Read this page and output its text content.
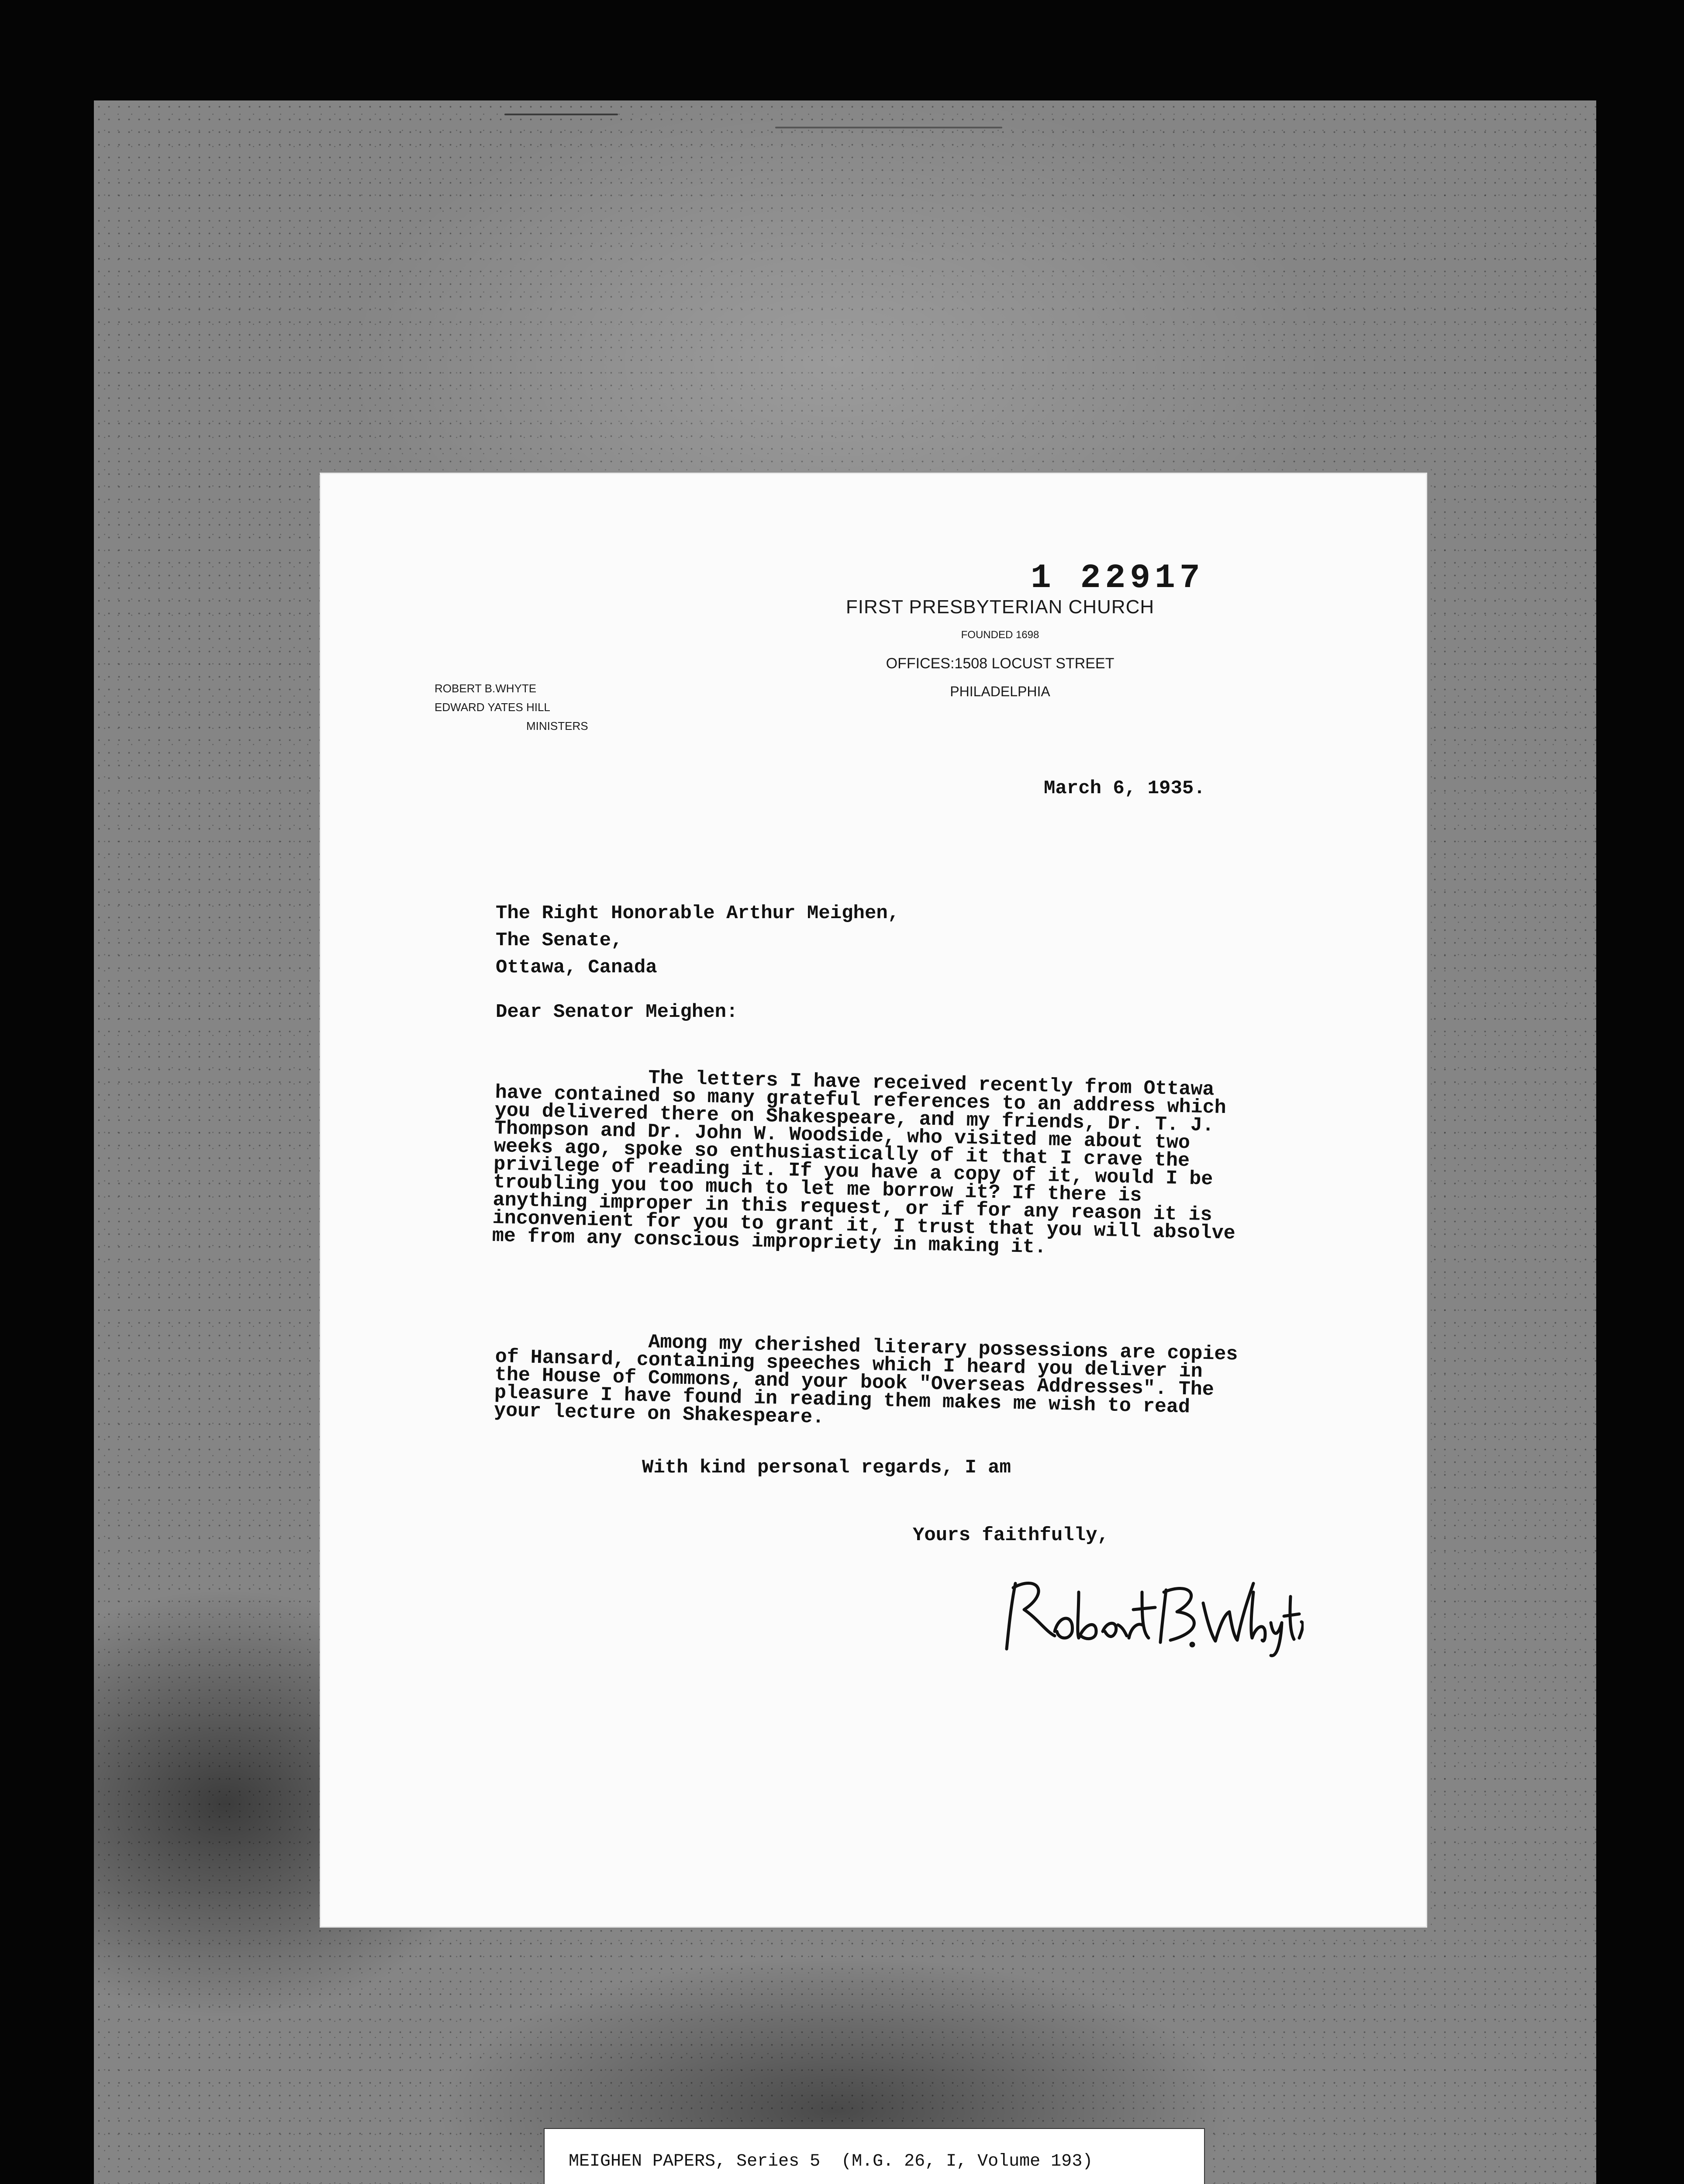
1 22917
FIRST PRESBYTERIAN CHURCH
FOUNDED 1698
OFFICES:1508 LOCUST STREET
PHILADELPHIA
ROBERT B.WHYTE
EDWARD YATES HILL
MINISTERS
March 6, 1935.
The Right Honorable Arthur Meighen,
The Senate,
Ottawa, Canada
Dear Senator Meighen:
The letters I have received recently from Ottawa have contained so many grateful references to an address which you delivered there on Shakespeare, and my friends, Dr. T. J. Thompson and Dr. John W. Woodside, who visited me about two weeks ago, spoke so enthusiastically of it that I crave the privilege of reading it. If you have a copy of it, would I be troubling you too much to let me borrow it? If there is anything improper in this request, or if for any reason it is inconvenient for you to grant it, I trust that you will absolve me from any conscious impropriety in making it.
Among my cherished literary possessions are copies of Hansard, containing speeches which I heard you deliver in the House of Commons, and your book "Overseas Addresses". The pleasure I have found in reading them makes me wish to read your lecture on Shakespeare.
With kind personal regards, I am
Yours faithfully,
MEIGHEN PAPERS, Series 5  (M.G. 26, I, Volume 193)
